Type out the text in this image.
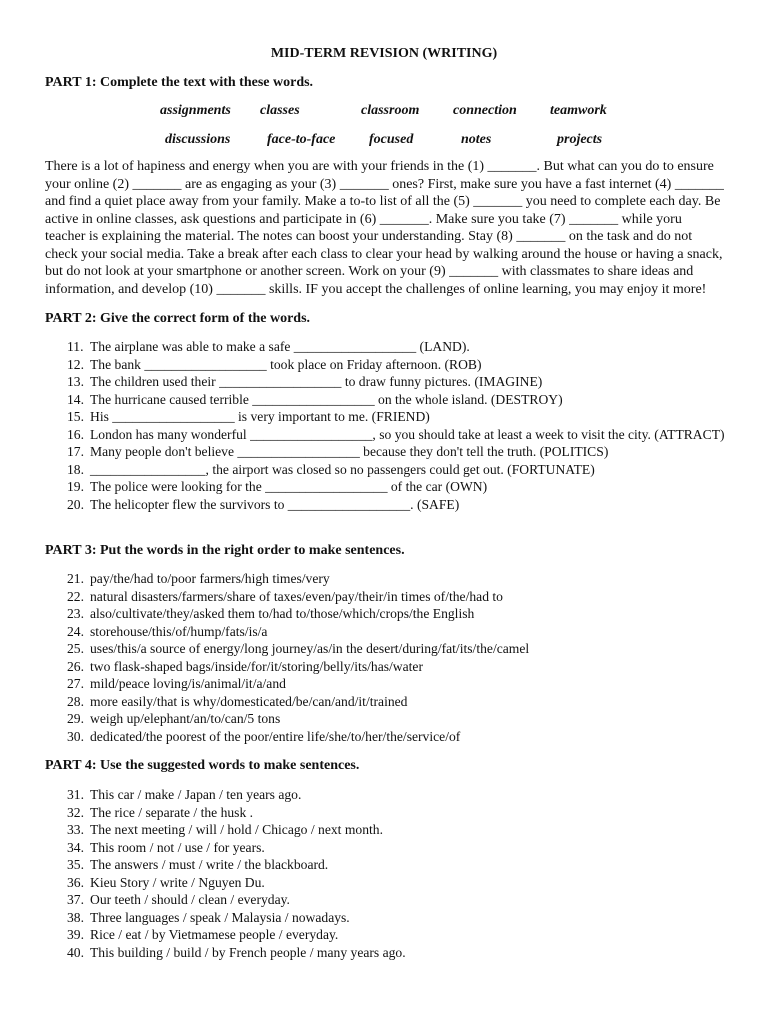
MID-TERM REVISION (WRITING)
PART 1: Complete the text with these words.
assignments classes	classroom connection teamwork
discussions	face-to-face focused	notes	projects
There is a lot of hapiness and energy when you are with your friends in the (1) _______. But what can you do to ensure your online (2) _______ are as engaging as your (3) _______ ones? First, make sure you have a fast internet (4) _______ and find a quiet place away from your family. Make a to-to list of all the (5) _______ you need to complete each day. Be active in online classes, ask questions and participate in (6) _______. Make sure you take (7) _______ while yoru teacher is explaining the material. The notes can boost your understanding. Stay (8) _______ on the task and do not check your social media. Take a break after each class to clear your head by walking around the house or having a snack, but do not look at your smartphone or another screen. Work on your (9) _______ with classmates to share ideas and information, and develop (10) _______ skills. IF you accept the challenges of online learning, you may enjoy it more!
PART 2: Give the correct form of the words.
11. The airplane was able to make a safe __________________ (LAND).
12. The bank __________________ took place on Friday afternoon. (ROB)
13. The children used their __________________ to draw funny pictures. (IMAGINE)
14. The hurricane caused terrible __________________ on the whole island. (DESTROY)
15. His __________________ is very important to me. (FRIEND)
16. London has many wonderful __________________, so you should take at least a week to visit the city. (ATTRACT)
17. Many people don't believe __________________ because they don't tell the truth. (POLITICS)
18. _________________, the airport was closed so no passengers could get out. (FORTUNATE)
19. The police were looking for the __________________ of the car (OWN)
20. The helicopter flew the survivors to __________________. (SAFE)
PART 3: Put the words in the right order to make sentences.
21. pay/the/had to/poor farmers/high times/very
22. natural disasters/farmers/share of taxes/even/pay/their/in times of/the/had to
23. also/cultivate/they/asked them to/had to/those/which/crops/the English
24. storehouse/this/of/hump/fats/is/a
25. uses/this/a source of energy/long journey/as/in the desert/during/fat/its/the/camel
26. two flask-shaped bags/inside/for/it/storing/belly/its/has/water
27. mild/peace loving/is/animal/it/a/and
28. more easily/that is why/domesticated/be/can/and/it/trained
29. weigh up/elephant/an/to/can/5 tons
30. dedicated/the poorest of the poor/entire life/she/to/her/the/service/of
PART 4: Use the suggested words to make sentences.
31. This car / make / Japan / ten years ago.
32. The rice / separate / the husk .
33. The next meeting / will / hold / Chicago / next month.
34. This room / not / use / for years.
35. The answers / must / write / the blackboard.
36. Kieu Story / write / Nguyen Du.
37. Our teeth / should / clean / everyday.
38. Three languages / speak / Malaysia / nowadays.
39. Rice / eat / by Vietmamese people / everyday.
40. This building / build / by French people / many years ago.
